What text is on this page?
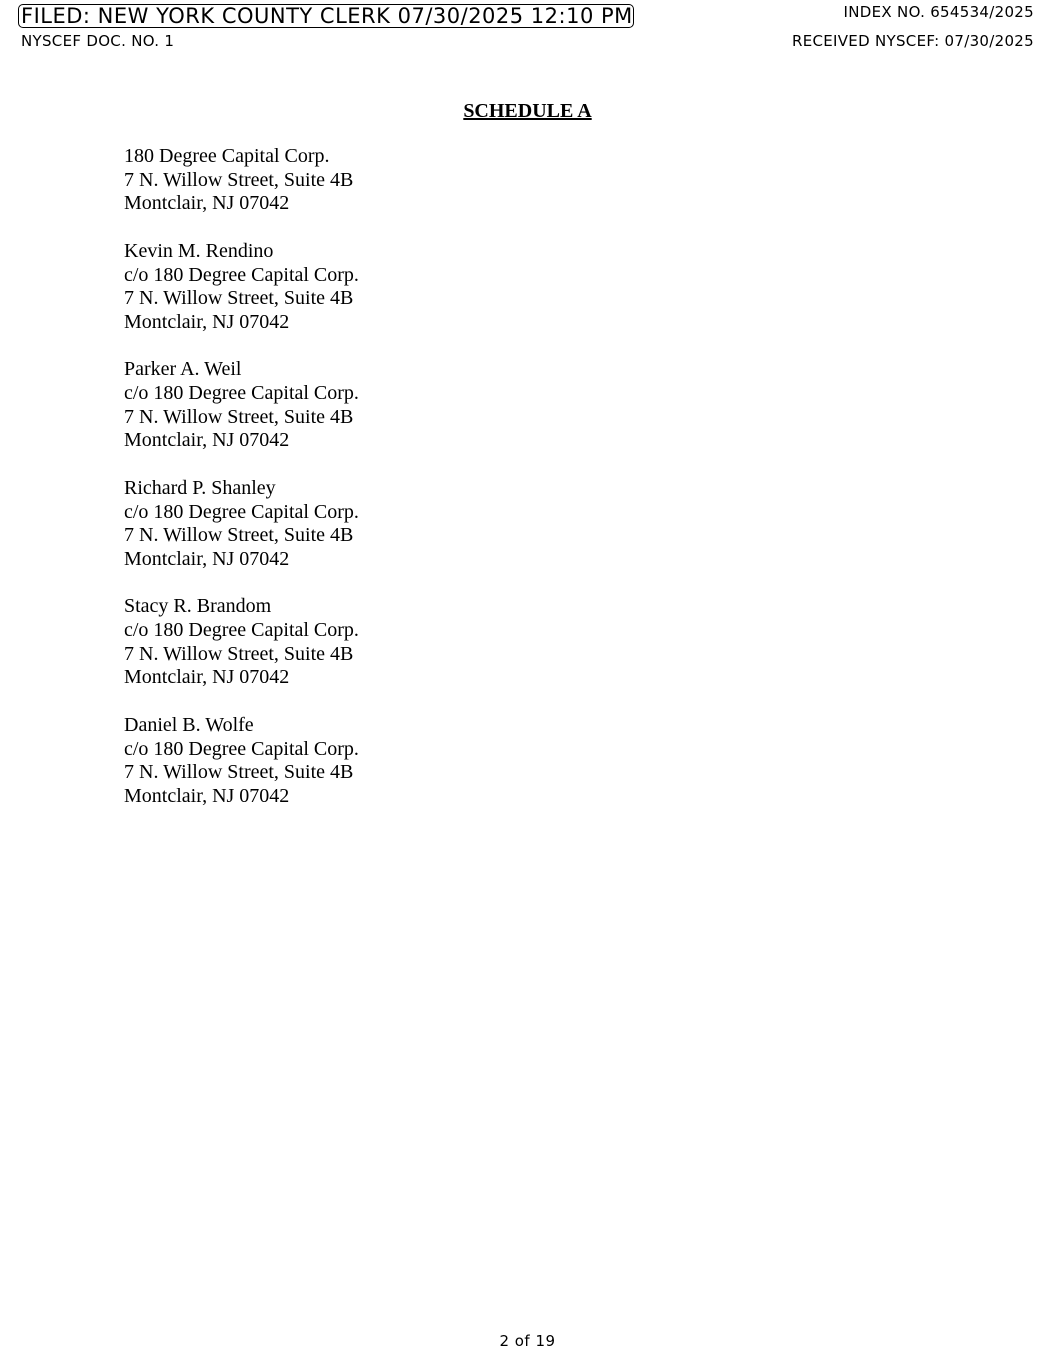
FILED: NEW YORK COUNTY CLERK 07/30/2025 12:10 PM	INDEX NO. 654534/2025
NYSCEF DOC. NO. 1	RECEIVED NYSCEF: 07/30/2025
SCHEDULE A
180 Degree Capital Corp.
7 N. Willow Street, Suite 4B
Montclair, NJ 07042
Kevin M. Rendino
c/o 180 Degree Capital Corp.
7 N. Willow Street, Suite 4B
Montclair, NJ 07042
Parker A. Weil
c/o 180 Degree Capital Corp.
7 N. Willow Street, Suite 4B
Montclair, NJ 07042
Richard P. Shanley
c/o 180 Degree Capital Corp.
7 N. Willow Street, Suite 4B
Montclair, NJ 07042
Stacy R. Brandom
c/o 180 Degree Capital Corp.
7 N. Willow Street, Suite 4B
Montclair, NJ 07042
Daniel B. Wolfe
c/o 180 Degree Capital Corp.
7 N. Willow Street, Suite 4B
Montclair, NJ 07042
2 of 19
